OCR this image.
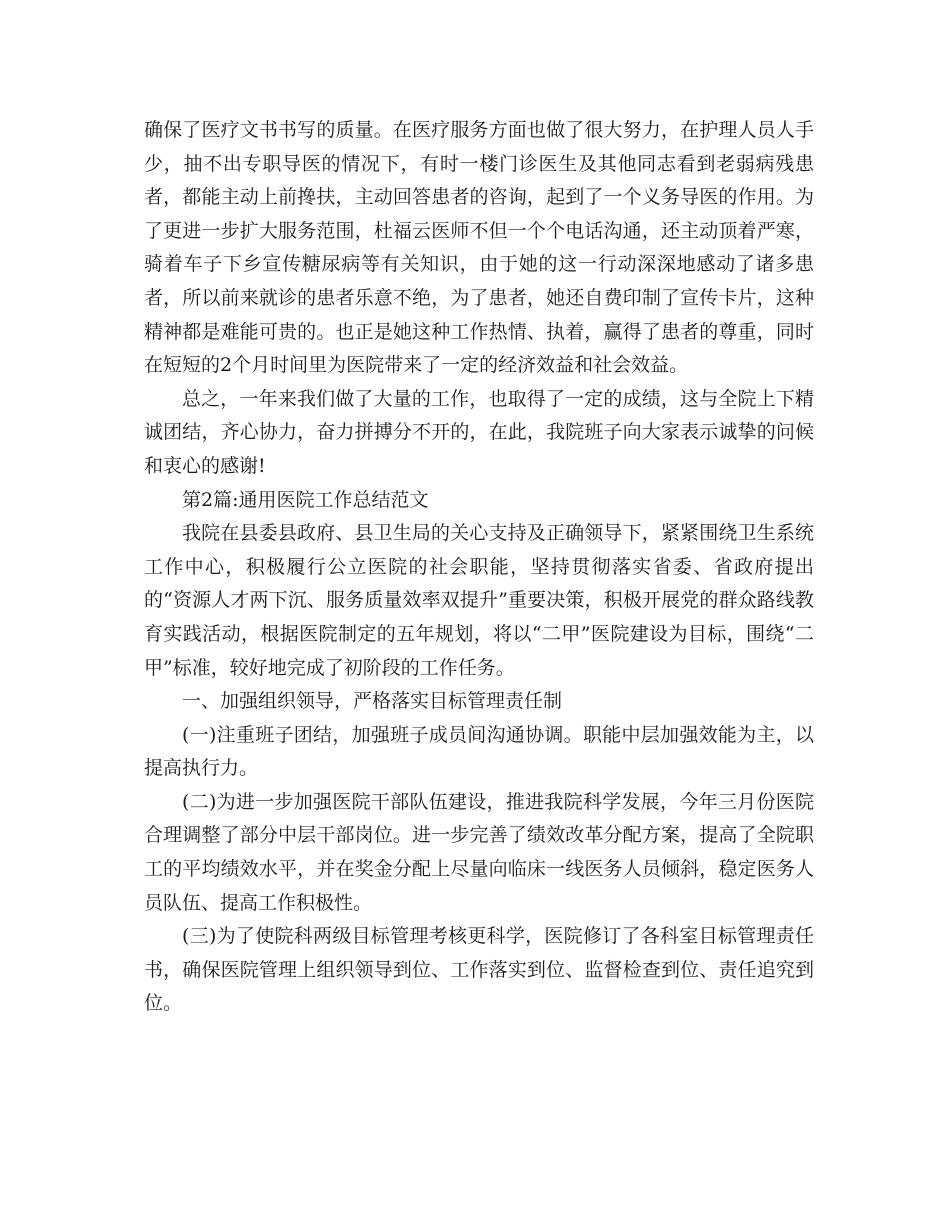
确保了医疗文书书写的质量。在医疗服务方面也做了很大努力，在护理人员人手少，抽不出专职导医的情况下，有时一楼门诊医生及其他同志看到老弱病残患者，都能主动上前搀扶，主动回答患者的咨询，起到了一个义务导医的作用。为了更进一步扩大服务范围，杜福云医师不但一个个电话沟通，还主动顶着严寒，骑着车子下乡宣传糖尿病等有关知识，由于她的这一行动深深地感动了诸多患者，所以前来就诊的患者乐意不绝，为了患者，她还自费印制了宣传卡片，这种精神都是难能可贵的。也正是她这种工作热情、执着，赢得了患者的尊重，同时在短短的2个月时间里为医院带来了一定的经济效益和社会效益。

总之，一年来我们做了大量的工作，也取得了一定的成绩，这与全院上下精诚团结，齐心协力，奋力拼搏分不开的，在此，我院班子向大家表示诚挚的问候和衷心的感谢!

第2篇:通用医院工作总结范文

我院在县委县政府、县卫生局的关心支持及正确领导下，紧紧围绕卫生系统工作中心，积极履行公立医院的社会职能，坚持贯彻落实省委、省政府提出的“资源人才两下沉、服务质量效率双提升”重要决策，积极开展党的群众路线教育实践活动，根据医院制定的五年规划，将以“二甲”医院建设为目标，围绕“二甲”标准，较好地完成了初阶段的工作任务。

一、加强组织领导，严格落实目标管理责任制

(一)注重班子团结，加强班子成员间沟通协调。职能中层加强效能为主，以提高执行力。

(二)为进一步加强医院干部队伍建设，推进我院科学发展，今年三月份医院合理调整了部分中层干部岗位。进一步完善了绩效改革分配方案，提高了全院职工的平均绩效水平，并在奖金分配上尽量向临床一线医务人员倾斜，稳定医务人员队伍、提高工作积极性。

(三)为了使院科两级目标管理考核更科学，医院修订了各科室目标管理责任书，确保医院管理上组织领导到位、工作落实到位、监督检查到位、责任追究到位。
